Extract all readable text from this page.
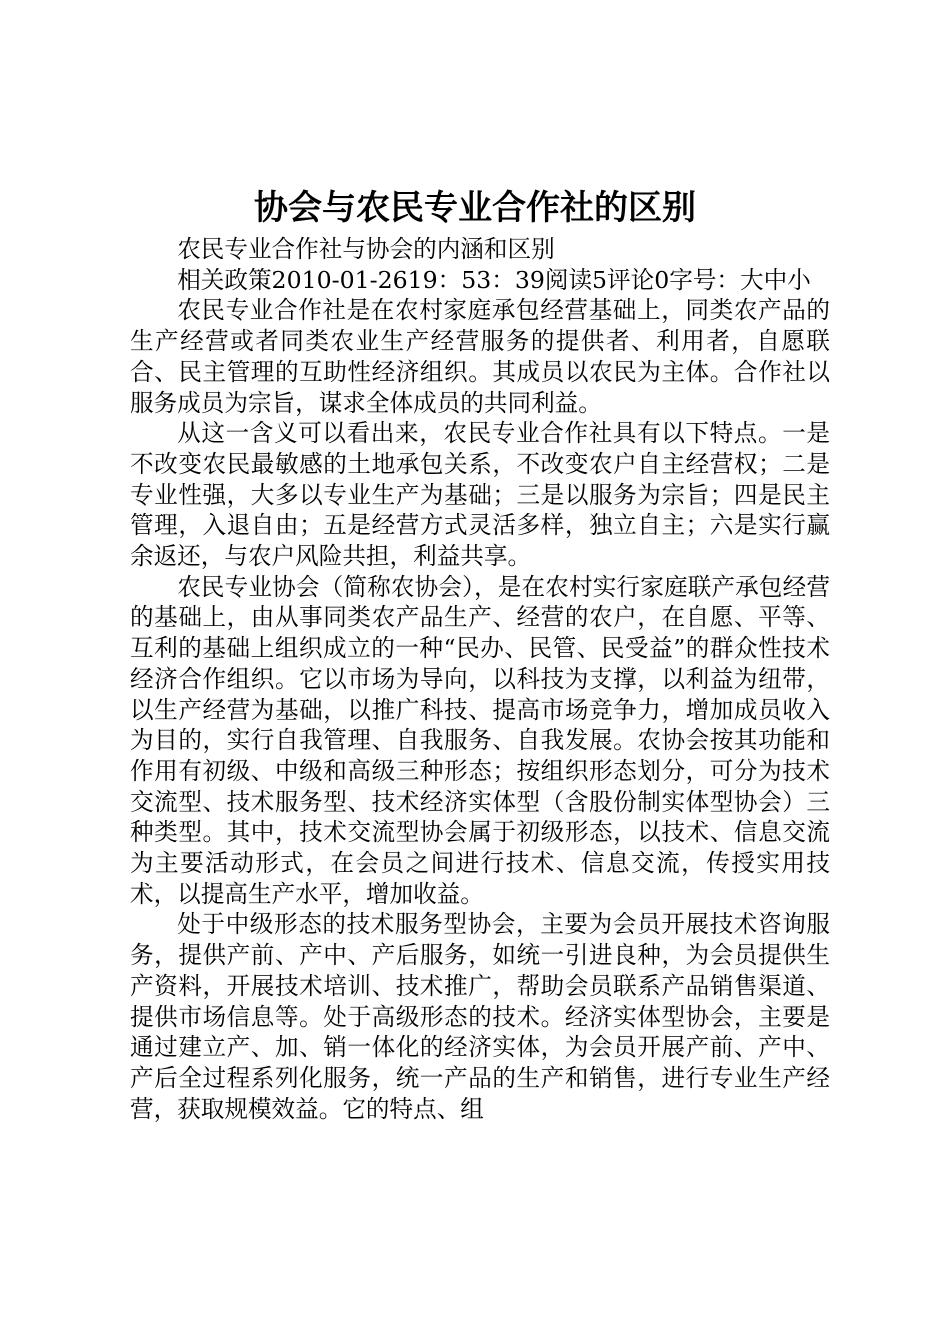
协会与农民专业合作社的区别

农民专业合作社与协会的内涵和区别

相关政策2010-01-2619：53：39阅读5评论0字号：大中小

农民专业合作社是在农村家庭承包经营基础上，同类农产品的生产经营或者同类农业生产经营服务的提供者、利用者，自愿联合、民主管理的互助性经济组织。其成员以农民为主体。合作社以服务成员为宗旨，谋求全体成员的共同利益。

从这一含义可以看出来，农民专业合作社具有以下特点。一是不改变农民最敏感的土地承包关系，不改变农户自主经营权；二是专业性强，大多以专业生产为基础；三是以服务为宗旨；四是民主管理，入退自由；五是经营方式灵活多样，独立自主；六是实行赢余返还，与农户风险共担，利益共享。

农民专业协会（简称农协会），是在农村实行家庭联产承包经营的基础上，由从事同类农产品生产、经营的农户，在自愿、平等、互利的基础上组织成立的一种“民办、民管、民受益”的群众性技术经济合作组织。它以市场为导向，以科技为支撑，以利益为纽带，以生产经营为基础，以推广科技、提高市场竞争力，增加成员收入为目的，实行自我管理、自我服务、自我发展。农协会按其功能和作用有初级、中级和高级三种形态；按组织形态划分，可分为技术交流型、技术服务型、技术经济实体型（含股份制实体型协会）三种类型。其中，技术交流型协会属于初级形态，以技术、信息交流为主要活动形式，在会员之间进行技术、信息交流，传授实用技术，以提高生产水平，增加收益。

处于中级形态的技术服务型协会，主要为会员开展技术咨询服务，提供产前、产中、产后服务，如统一引进良种，为会员提供生产资料，开展技术培训、技术推广，帮助会员联系产品销售渠道、提供市场信息等。处于高级形态的技术。经济实体型协会，主要是通过建立产、加、销一体化的经济实体，为会员开展产前、产中、产后全过程系列化服务，统一产品的生产和销售，进行专业生产经营，获取规模效益。它的特点、组
